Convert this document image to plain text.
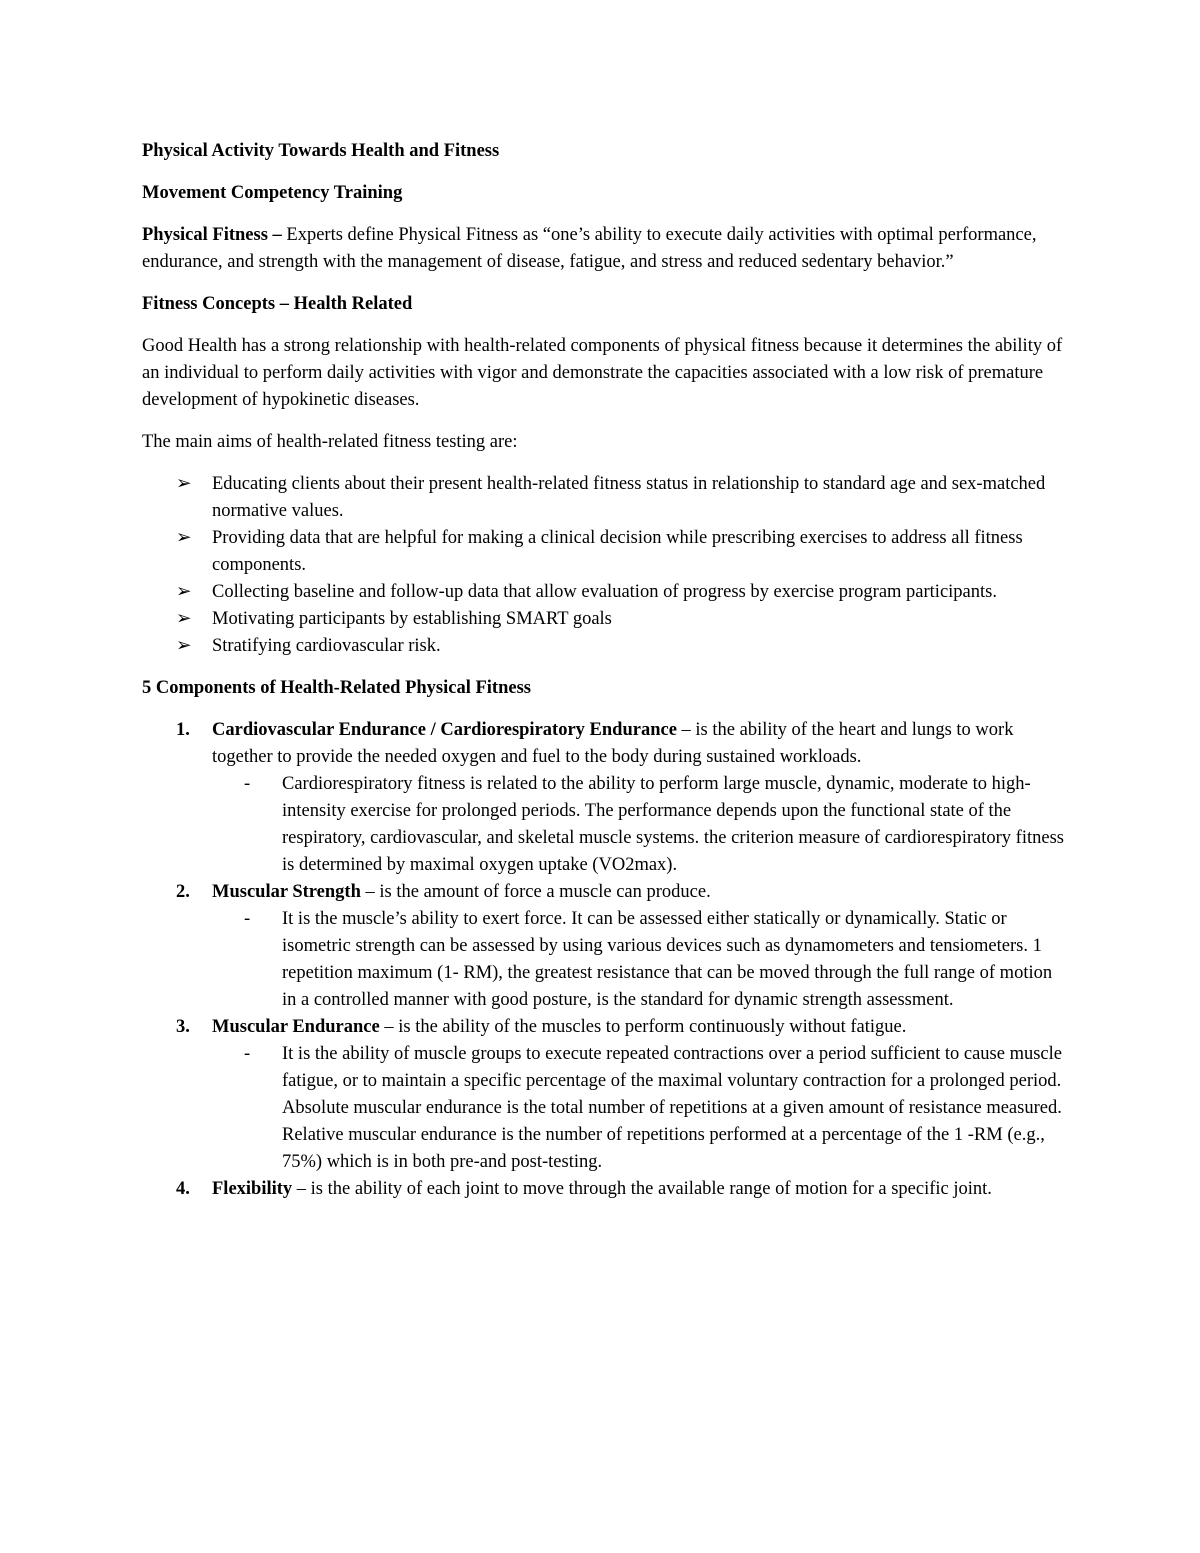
Physical Activity Towards Health and Fitness

Movement Competency Training

Physical Fitness – Experts define Physical Fitness as “one’s ability to execute daily activities with optimal performance, endurance, and strength with the management of disease, fatigue, and stress and reduced sedentary behavior.”

Fitness Concepts – Health Related

Good Health has a strong relationship with health-related components of physical fitness because it determines the ability of an individual to perform daily activities with vigor and demonstrate the capacities associated with a low risk of premature development of hypokinetic diseases.

The main aims of health-related fitness testing are:

➢ Educating clients about their present health-related fitness status in relationship to standard age and sex-matched normative values.
➢ Providing data that are helpful for making a clinical decision while prescribing exercises to address all fitness components.
➢ Collecting baseline and follow-up data that allow evaluation of progress by exercise program participants.
➢ Motivating participants by establishing SMART goals
➢ Stratifying cardiovascular risk.

5 Components of Health-Related Physical Fitness

1. Cardiovascular Endurance / Cardiorespiratory Endurance – is the ability of the heart and lungs to work together to provide the needed oxygen and fuel to the body during sustained workloads.
- Cardiorespiratory fitness is related to the ability to perform large muscle, dynamic, moderate to high-intensity exercise for prolonged periods. The performance depends upon the functional state of the respiratory, cardiovascular, and skeletal muscle systems. the criterion measure of cardiorespiratory fitness is determined by maximal oxygen uptake (VO2max).
2. Muscular Strength – is the amount of force a muscle can produce.
- It is the muscle’s ability to exert force. It can be assessed either statically or dynamically. Static or isometric strength can be assessed by using various devices such as dynamometers and tensiometers. 1 repetition maximum (1- RM), the greatest resistance that can be moved through the full range of motion in a controlled manner with good posture, is the standard for dynamic strength assessment.
3. Muscular Endurance – is the ability of the muscles to perform continuously without fatigue.
- It is the ability of muscle groups to execute repeated contractions over a period sufficient to cause muscle fatigue, or to maintain a specific percentage of the maximal voluntary contraction for a prolonged period. Absolute muscular endurance is the total number of repetitions at a given amount of resistance measured. Relative muscular endurance is the number of repetitions performed at a percentage of the 1 -RM (e.g., 75%) which is in both pre-and post-testing.
4. Flexibility – is the ability of each joint to move through the available range of motion for a specific joint.
